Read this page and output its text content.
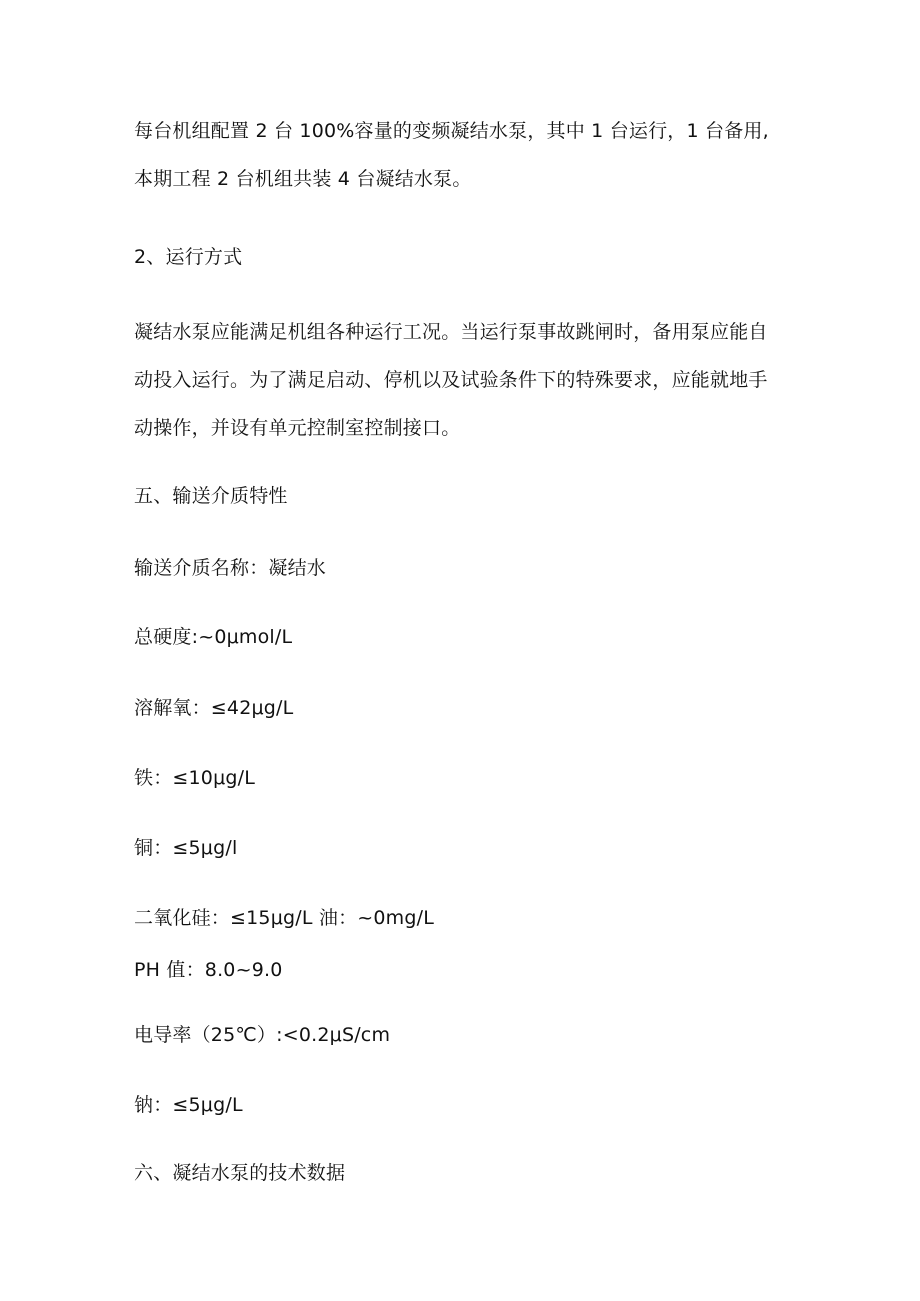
每台机组配置 2 台 100%容量的变频凝结水泵，其中 1 台运行，1 台备用,
本期工程 2 台机组共装 4 台凝结水泵。
2、运行方式
凝结水泵应能满足机组各种运行工况。当运行泵事故跳闸时，备用泵应能自
动投入运行。为了满足启动、停机以及试验条件下的特殊要求，应能就地手
动操作，并设有单元控制室控制接口。
五、输送介质特性
输送介质名称：凝结水
总硬度:~0μmol∕L
溶解氧：≤42μg∕L
铁：≤10μg∕L
铜：≤5μg∕l
二氧化硅：≤15μg∕L 油：~0mg∕L
PH 值：8.0~9.0
电导率（25℃）:<0.2μS∕cm
钠：≤5μg∕L
六、凝结水泵的技术数据
